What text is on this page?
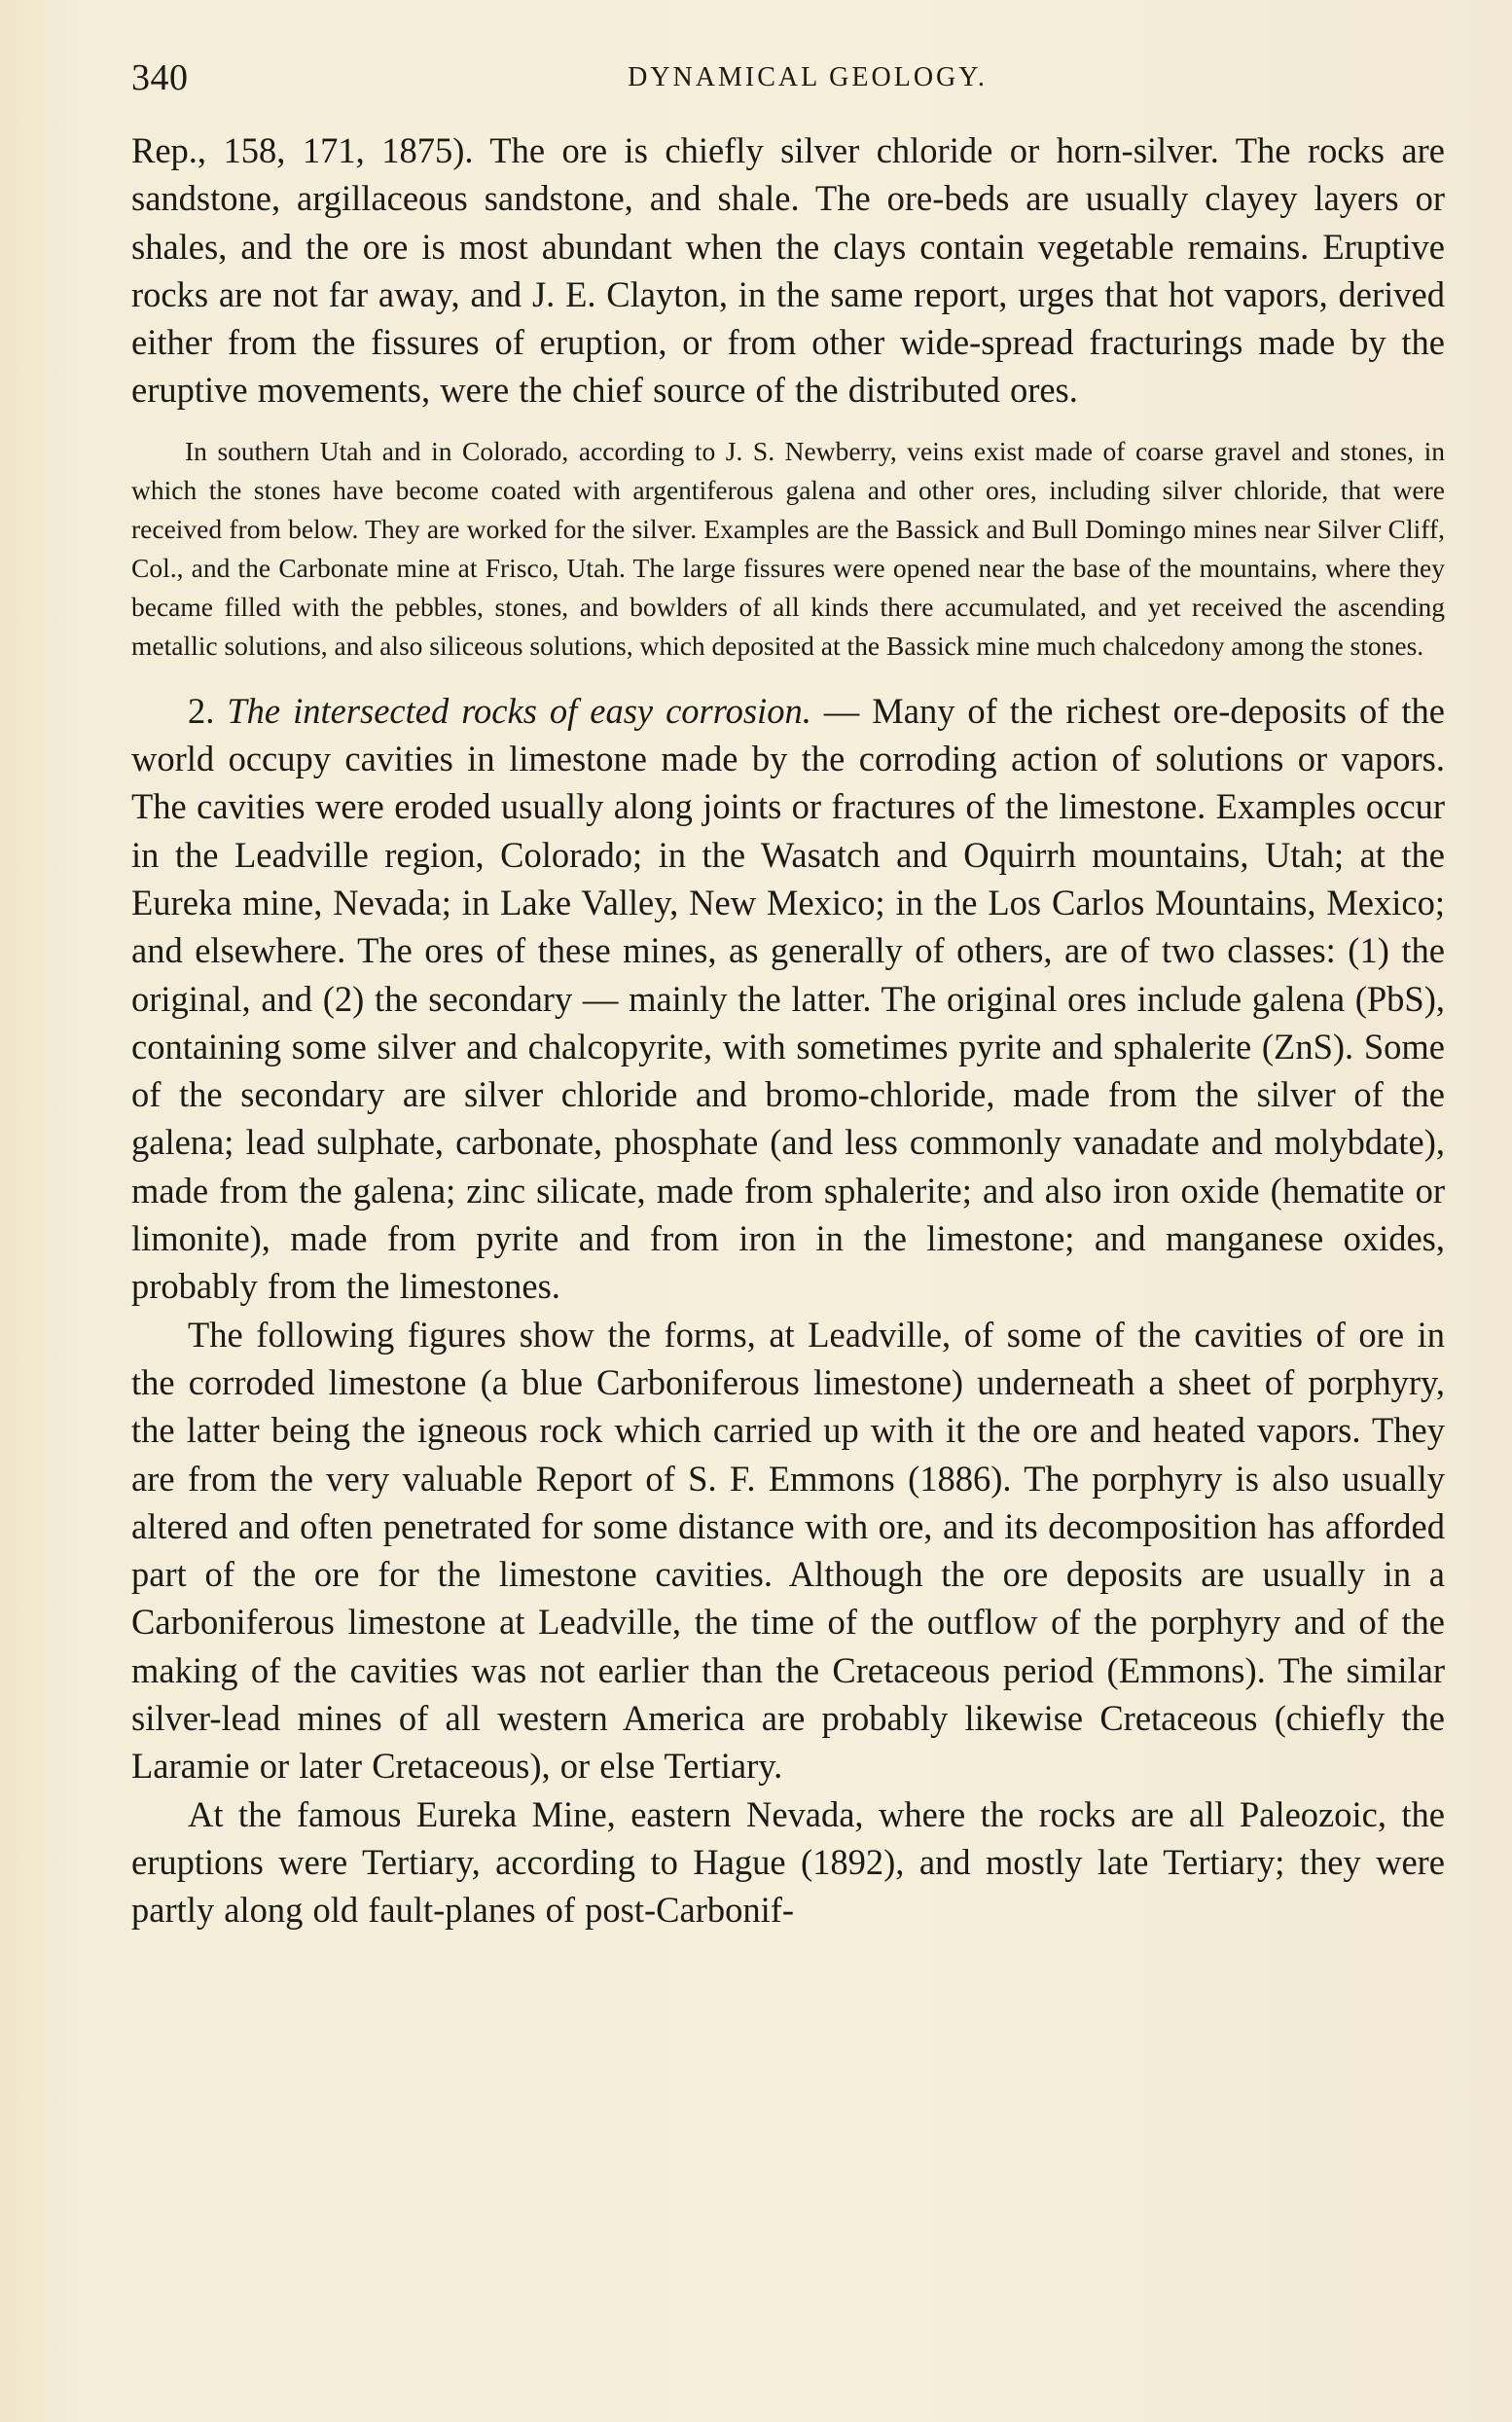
340	DYNAMICAL GEOLOGY.

Rep., 158, 171, 1875). The ore is chiefly silver chloride or horn-silver. The rocks are sandstone, argillaceous sandstone, and shale. The ore-beds are usually clayey layers or shales, and the ore is most abundant when the clays contain vegetable remains. Eruptive rocks are not far away, and J. E. Clayton, in the same report, urges that hot vapors, derived either from the fissures of eruption, or from other wide-spread fracturings made by the eruptive movements, were the chief source of the distributed ores.

In southern Utah and in Colorado, according to J. S. Newberry, veins exist made of coarse gravel and stones, in which the stones have become coated with argentiferous galena and other ores, including silver chloride, that were received from below. They are worked for the silver. Examples are the Bassick and Bull Domingo mines near Silver Cliff, Col., and the Carbonate mine at Frisco, Utah. The large fissures were opened near the base of the mountains, where they became filled with the pebbles, stones, and bowlders of all kinds there accumulated, and yet received the ascending metallic solutions, and also siliceous solutions, which deposited at the Bassick mine much chalcedony among the stones.

2. The intersected rocks of easy corrosion. — Many of the richest ore-deposits of the world occupy cavities in limestone made by the corroding action of solutions or vapors. The cavities were eroded usually along joints or fractures of the limestone. Examples occur in the Leadville region, Colorado; in the Wasatch and Oquirrh mountains, Utah; at the Eureka mine, Nevada; in Lake Valley, New Mexico; in the Los Carlos Mountains, Mexico; and elsewhere. The ores of these mines, as generally of others, are of two classes: (1) the original, and (2) the secondary — mainly the latter. The original ores include galena (PbS), containing some silver and chalcopyrite, with sometimes pyrite and sphalerite (ZnS). Some of the secondary are silver chloride and bromo-chloride, made from the silver of the galena; lead sulphate, carbonate, phosphate (and less commonly vanadate and molybdate), made from the galena; zinc silicate, made from sphalerite; and also iron oxide (hematite or limonite), made from pyrite and from iron in the limestone; and manganese oxides, probably from the limestones.

The following figures show the forms, at Leadville, of some of the cavities of ore in the corroded limestone (a blue Carboniferous limestone) underneath a sheet of porphyry, the latter being the igneous rock which carried up with it the ore and heated vapors. They are from the very valuable Report of S. F. Emmons (1886). The porphyry is also usually altered and often penetrated for some distance with ore, and its decomposition has afforded part of the ore for the limestone cavities. Although the ore deposits are usually in a Carboniferous limestone at Leadville, the time of the outflow of the porphyry and of the making of the cavities was not earlier than the Cretaceous period (Emmons). The similar silver-lead mines of all western America are probably likewise Cretaceous (chiefly the Laramie or later Cretaceous), or else Tertiary.

At the famous Eureka Mine, eastern Nevada, where the rocks are all Paleozoic, the eruptions were Tertiary, according to Hague (1892), and mostly late Tertiary; they were partly along old fault-planes of post-Carbonif-
